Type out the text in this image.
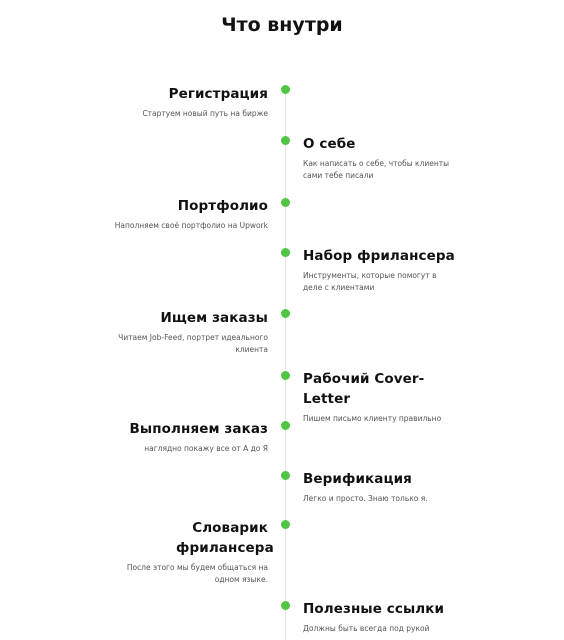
Что внутри
Регистрация
Стартуем новый путь на бирже
О себе
Как написать о себе, чтобы клиенты сами тебе писали
Портфолио
Наполняем своё портфолио на Upwork
Набор фрилансера
Инструменты, которые помогут в деле с клиентами
Ищем заказы
Читаем Job-Feed, портрет идеального клиента
Рабочий Cover-Letter
Пишем письмо клиенту правильно
Выполняем заказ
наглядно покажу все от А до Я
Верификация
Легко и просто. Знаю только я.
Словарик фрилансера
После этого мы будем общаться на одном языке.
Полезные ссылки
Должны быть всегда под рукой
